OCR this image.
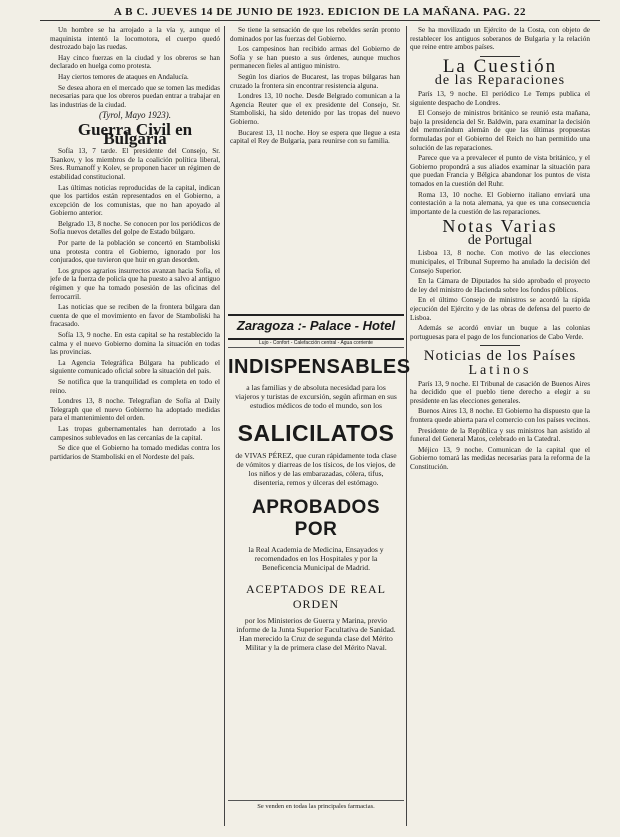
A B C. JUEVES 14 DE JUNIO DE 1923. EDICION DE LA MAÑANA. PAG. 22

Un hombre se ha arrojado a la vía y, aunque el maquinista intentó la locomotora, el cuerpo quedó destrozado bajo las ruedas.

Hay cinco fuerzas en la ciudad y los obreros se han declarado en huelga como protesta.

Hay ciertos temores de ataques en Andalucía.

Se desea ahora en el mercado que se tomen las medidas necesarias para que los obreros puedan entrar a trabajar en las industrias de la ciudad.

(Tyrol, Mayo 1923).
Guerra Civil en Bulgaria

Sofía 13, 7 tarde. El presidente del Consejo, Sr. Tsankov, y los miembros de la coalición política liberal, Sres. Rumanoff y Kolev, se proponen hacer un régimen de estabilidad constitucional.

Las últimas noticias reproducidas de la capital, indican que los partidos están representados en el Gobierno, a excepción de los comunistas, que no han apoyado al Gobierno anterior.

Belgrado 13, 8 noche. Se conocen por los periódicos de Sofía nuevos detalles del golpe de Estado búlgaro.

Por parte de la población se concertó en Stamboliski una protesta contra el Gobierno, ignorado por los conjurados, que tuvieron que huir en gran desorden.

Los grupos agrarios insurrectos avanzan hacia Sofía, el jefe de la fuerza de policía que ha puesto a salvo al antiguo régimen y que ha tomado posesión de las oficinas del ferrocarril.

Las noticias que se reciben de la frontera búlgara dan cuenta de que el movimiento en favor de Stamboliski ha fracasado.

Sofía 13, 9 noche. En esta capital se ha restablecido la calma y el nuevo Gobierno domina la situación en todas las provincias.

La Agencia Telegráfica Búlgara ha publicado el siguiente comunicado oficial sobre la situación del país.

Se notifica que la tranquilidad es completa en todo el reino.

Londres 13, 8 noche. Telegrafían de Sofía al Daily Telegraph que el nuevo Gobierno ha adoptado medidas para el mantenimiento del orden.

Las tropas gubernamentales han derrotado a los campesinos sublevados en las cercanías de la capital.

Se dice que el Gobierno ha tomado medidas contra los partidarios de Stamboliski en el Nordeste del país.

Se tiene la sensación de que los rebeldes serán pronto dominados por las fuerzas del Gobierno.

Los campesinos han recibido armas del Gobierno de Sofía y se han puesto a sus órdenes, aunque muchos permanecen fieles al antiguo ministro.

Según los diarios de Bucarest, las tropas búlgaras han cruzado la frontera sin encontrar resistencia alguna.

Londres 13, 10 noche. Desde Belgrado comunican a la Agencia Reuter que el ex presidente del Consejo, Sr. Stamboliski, ha sido detenido por las tropas del nuevo Gobierno.

Bucarest 13, 11 noche. Hoy se espera que llegue a esta capital el Rey de Bulgaria, para reunirse con su familia.

Zaragoza :- Palace - Hotel
Lujo - Confort - Calefacción central - Agua corriente
INDISPENSABLES
a las familias y de absoluta necesidad para los viajeros y turistas de excursión, según afirman en sus estudios médicos de todo el mundo, son los
SALICILATOS
de VIVAS PÉREZ, que curan rápidamente toda clase de vómitos y diarreas de los tísicos, de los viejos, de los niños y de las embarazadas, cólera, tifus, disenteria, remos y úlceras del estómago.
APROBADOS POR
la Real Academia de Medicina, Ensayados y recomendados en los Hospitales y por la Beneficencia Municipal de Madrid.
ACEPTADOS DE REAL ORDEN
por los Ministerios de Guerra y Marina, previo informe de la Junta Superior Facultativa de Sanidad. Han merecido la Cruz de segunda clase del Mérito Militar y la de primera clase del Mérito Naval.
Se venden en todas las principales farmacias.

Se ha movilizado un Ejército de la Costa, con objeto de restablecer los antiguos soberanos de Bulgaria y la relación que reine entre ambos países.

La Cuestión
de las Reparaciones

París 13, 9 noche. El periódico Le Temps publica el siguiente despacho de Londres.

El Consejo de ministros británico se reunió esta mañana, bajo la presidencia del Sr. Baldwin, para examinar la decisión del memorándum alemán de que las últimas propuestas formuladas por el Gobierno del Reich no han permitido una solución de las reparaciones.

Parece que va a prevalecer el punto de vista británico, y el Gobierno propondrá a sus aliados examinar la situación para que puedan Francia y Bélgica abandonar los puntos de vista tomados en la cuestión del Ruhr.

Roma 13, 10 noche. El Gobierno italiano enviará una contestación a la nota alemana, ya que es una consecuencia importante de la cuestión de las reparaciones.

Notas Varias
de Portugal

Lisboa 13, 8 noche. Con motivo de las elecciones municipales, el Tribunal Supremo ha anulado la decisión del Consejo Superior.

En la Cámara de Diputados ha sido aprobado el proyecto de ley del ministro de Hacienda sobre los fondos públicos.

En el último Consejo de ministros se acordó la rápida ejecución del Ejército y de las obras de defensa del puerto de Lisboa.

Además se acordó enviar un buque a las colonias portuguesas para el pago de los funcionarios de Cabo Verde.

Noticias de los Países
Latinos

París 13, 9 noche. El Tribunal de casación de Buenos Aires ha decidido que el pueblo tiene derecho a elegir a su presidente en las elecciones generales.

Buenos Aires 13, 8 noche. El Gobierno ha dispuesto que la frontera quede abierta para el comercio con los países vecinos.

Presidente de la República y sus ministros han asistido al funeral del General Matos, celebrado en la Catedral.

Méjico 13, 9 noche. Comunican de la capital que el Gobierno tomará las medidas necesarias para la reforma de la Constitución.
